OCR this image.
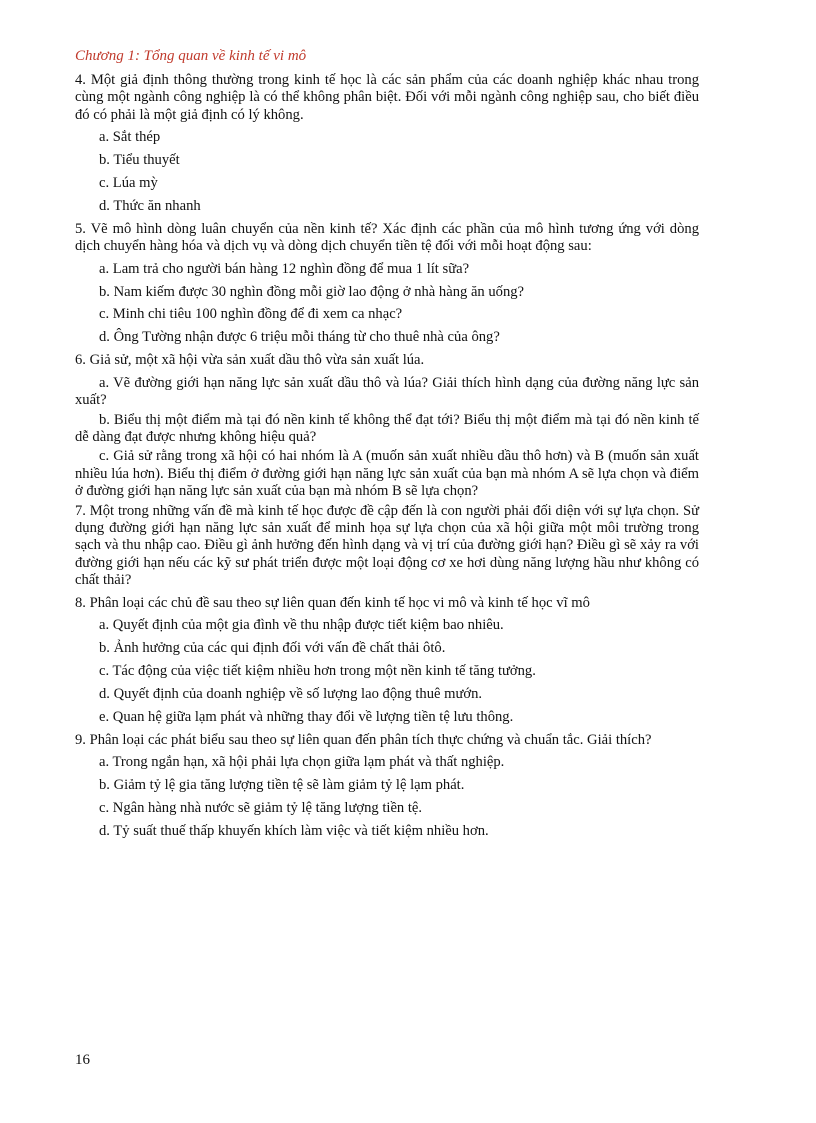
Chương 1: Tổng quan về kinh tế vi mô

4. Một giả định thông thường trong kinh tế học là các sản phẩm của các doanh nghiệp khác nhau trong cùng một ngành công nghiệp là có thể không phân biệt. Đối với mỗi ngành công nghiệp sau, cho biết điều đó có phải là một giả định có lý không.

a. Sắt thép
b. Tiểu thuyết
c. Lúa mỳ
d. Thức ăn nhanh

5. Vẽ mô hình dòng luân chuyển của nền kinh tế? Xác định các phần của mô hình tương ứng với dòng dịch chuyển hàng hóa và dịch vụ và dòng dịch chuyển tiền tệ đối với mỗi hoạt động sau:

a. Lam trả cho người bán hàng 12 nghìn đồng để mua 1 lít sữa?
b. Nam kiếm được 30 nghìn đồng mỗi giờ lao động ở nhà hàng ăn uống?
c. Minh chi tiêu 100 nghìn đồng để đi xem ca nhạc?
d. Ông Tường nhận được 6 triệu mỗi tháng từ cho thuê nhà của ông?

6. Giả sử, một xã hội vừa sản xuất dầu thô vừa sản xuất lúa.

a. Vẽ đường giới hạn năng lực sản xuất dầu thô và lúa? Giải thích hình dạng của đường năng lực sản xuất?

b. Biểu thị một điểm mà tại đó nền kinh tế không thể đạt tới? Biểu thị một điểm mà tại đó nền kinh tế dễ dàng đạt được nhưng không hiệu quả?

c. Giả sử rằng trong xã hội có hai nhóm là A (muốn sản xuất nhiều dầu thô hơn) và B (muốn sản xuất nhiều lúa hơn). Biểu thị điểm ở đường giới hạn năng lực sản xuất của bạn mà nhóm A sẽ lựa chọn và điểm ở đường giới hạn năng lực sản xuất của bạn mà nhóm B sẽ lựa chọn?

7. Một trong những vấn đề mà kinh tế học được đề cập đến là con người phải đối diện với sự lựa chọn. Sử dụng đường giới hạn năng lực sản xuất để minh họa sự lựa chọn của xã hội giữa một môi trường trong sạch và thu nhập cao. Điều gì ảnh hưởng đến hình dạng và vị trí của đường giới hạn? Điều gì sẽ xảy ra với đường giới hạn nếu các kỹ sư phát triển được một loại động cơ xe hơi dùng năng lượng hầu như không có chất thải?

8. Phân loại các chủ đề sau theo sự liên quan đến kinh tế học vi mô và kinh tế học vĩ mô

a. Quyết định của một gia đình về thu nhập được tiết kiệm bao nhiêu.
b. Ảnh hưởng của các qui định đối với vấn đề chất thải ôtô.
c. Tác động của việc tiết kiệm nhiều hơn trong một nền kinh tế tăng tưởng.
d. Quyết định của doanh nghiệp về số lượng lao động thuê mướn.
e. Quan hệ giữa lạm phát và những thay đổi về lượng tiền tệ lưu thông.

9. Phân loại các phát biểu sau theo sự liên quan đến phân tích thực chứng và chuẩn tắc. Giải thích?

a. Trong ngắn hạn, xã hội phải lựa chọn giữa lạm phát và thất nghiệp.
b. Giảm tỷ lệ gia tăng lượng tiền tệ sẽ làm giảm tỷ lệ lạm phát.
c. Ngân hàng nhà nước sẽ giảm tỷ lệ tăng lượng tiền tệ.
d. Tỷ suất thuế thấp khuyến khích làm việc và tiết kiệm nhiều hơn.
16
